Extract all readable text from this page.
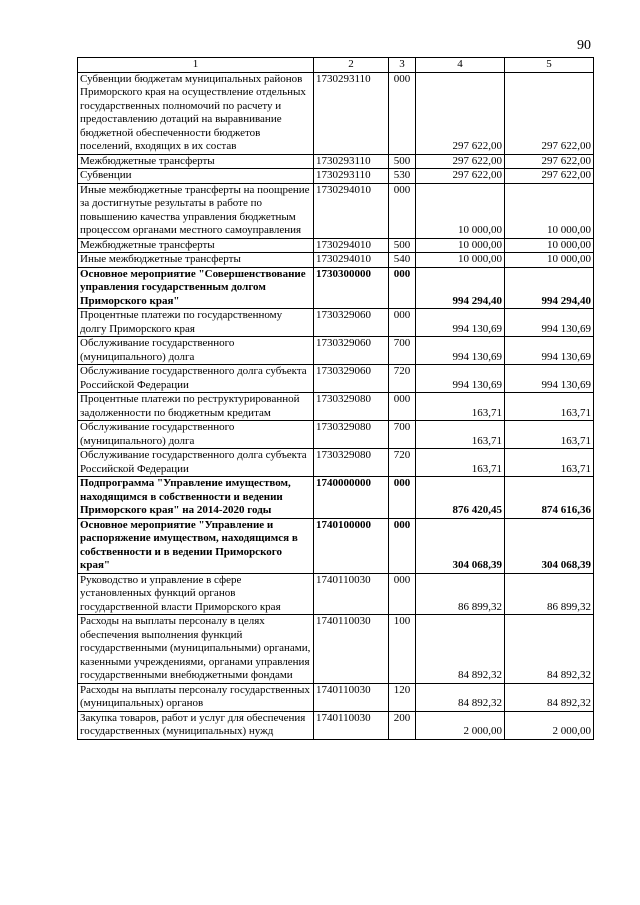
90
1	2	3	4	5
Субвенции бюджетам муниципальных районов Приморского края на осуществление отдельных государственных полномочий по расчету и предоставлению дотаций на выравнивание бюджетной обеспеченности бюджетов поселений, входящих в их состав	1730293110	000	297 622,00	297 622,00
Межбюджетные трансферты	1730293110	500	297 622,00	297 622,00
Субвенции	1730293110	530	297 622,00	297 622,00
Иные межбюджетные трансферты на поощрение за достигнутые результаты в работе по повышению качества управления бюджетным процессом органами местного самоуправления	1730294010	000	10 000,00	10 000,00
Межбюджетные трансферты	1730294010	500	10 000,00	10 000,00
Иные межбюджетные трансферты	1730294010	540	10 000,00	10 000,00
Основное мероприятие "Совершенствование управления государственным долгом Приморского края"	1730300000	000	994 294,40	994 294,40
Процентные платежи по государственному долгу Приморского края	1730329060	000	994 130,69	994 130,69
Обслуживание государственного (муниципального) долга	1730329060	700	994 130,69	994 130,69
Обслуживание государственного долга субъекта Российской Федерации	1730329060	720	994 130,69	994 130,69
Процентные платежи по реструктурированной задолженности по бюджетным кредитам	1730329080	000	163,71	163,71
Обслуживание государственного (муниципального) долга	1730329080	700	163,71	163,71
Обслуживание государственного долга субъекта Российской Федерации	1730329080	720	163,71	163,71
Подпрограмма "Управление имуществом, находящимся в собственности и ведении Приморского края" на 2014-2020 годы	1740000000	000	876 420,45	874 616,36
Основное мероприятие "Управление и распоряжение имуществом, находящимся в собственности и в ведении Приморского края"	1740100000	000	304 068,39	304 068,39
Руководство и управление в сфере установленных функций органов государственной власти Приморского края	1740110030	000	86 899,32	86 899,32
Расходы на выплаты персоналу в целях обеспечения выполнения функций государственными (муниципальными) органами, казенными учреждениями, органами управления государственными внебюджетными фондами	1740110030	100	84 892,32	84 892,32
Расходы на выплаты персоналу государственных (муниципальных) органов	1740110030	120	84 892,32	84 892,32
Закупка товаров, работ и услуг для обеспечения государственных (муниципальных) нужд	1740110030	200	2 000,00	2 000,00
